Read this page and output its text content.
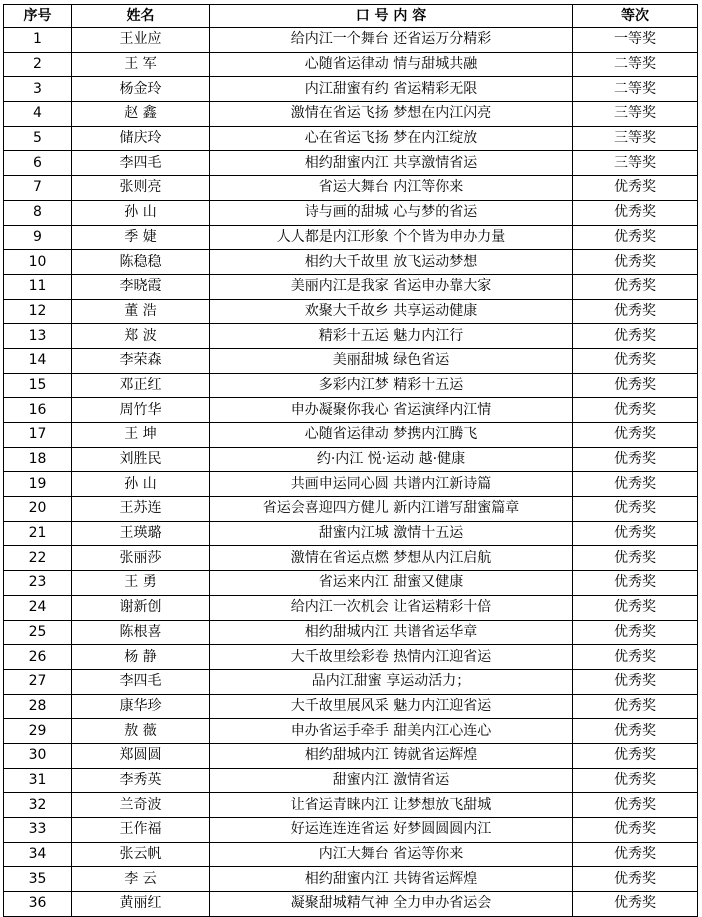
序号	姓名	口 号 内 容	等次
1	王业应	给内江一个舞台 还省运万分精彩	一等奖
2	王 军	心随省运律动 情与甜城共融	二等奖
3	杨金玲	内江甜蜜有约 省运精彩无限	二等奖
4	赵 鑫	激情在省运飞扬 梦想在内江闪亮	三等奖
5	储庆玲	心在省运飞扬 梦在内江绽放	三等奖
6	李四毛	相约甜蜜内江 共享激情省运	三等奖
7	张则亮	省运大舞台 内江等你来	优秀奖
8	孙 山	诗与画的甜城 心与梦的省运	优秀奖
9	季 婕	人人都是内江形象 个个皆为申办力量	优秀奖
10	陈稳稳	相约大千故里 放飞运动梦想	优秀奖
11	李晓霞	美丽内江是我家 省运申办靠大家	优秀奖
12	董 浩	欢聚大千故乡 共享运动健康	优秀奖
13	郑 波	精彩十五运 魅力内江行	优秀奖
14	李荣森	美丽甜城 绿色省运	优秀奖
15	邓正红	多彩内江梦 精彩十五运	优秀奖
16	周竹华	申办凝聚你我心 省运演绎内江情	优秀奖
17	王 坤	心随省运律动 梦携内江腾飞	优秀奖
18	刘胜民	约·内江 悦·运动 越·健康	优秀奖
19	孙 山	共画申运同心圆 共谱内江新诗篇	优秀奖
20	王苏连	省运会喜迎四方健儿 新内江谱写甜蜜篇章	优秀奖
21	王瑛璐	甜蜜内江城 激情十五运	优秀奖
22	张丽莎	激情在省运点燃 梦想从内江启航	优秀奖
23	王 勇	省运来内江 甜蜜又健康	优秀奖
24	谢新创	给内江一次机会 让省运精彩十倍	优秀奖
25	陈根喜	相约甜城内江 共谱省运华章	优秀奖
26	杨 静	大千故里绘彩卷 热情内江迎省运	优秀奖
27	李四毛	品内江甜蜜 享运动活力；	优秀奖
28	康华珍	大千故里展风采 魅力内江迎省运	优秀奖
29	敖 薇	申办省运手牵手 甜美内江心连心	优秀奖
30	郑圆圆	相约甜城内江 铸就省运辉煌	优秀奖
31	李秀英	甜蜜内江 激情省运	优秀奖
32	兰奇波	让省运青睐内江 让梦想放飞甜城	优秀奖
33	王作福	好运连连连省运 好梦圆圆圆内江	优秀奖
34	张云帆	内江大舞台 省运等你来	优秀奖
35	李 云	相约甜蜜内江 共铸省运辉煌	优秀奖
36	黄丽红	凝聚甜城精气神 全力申办省运会	优秀奖
